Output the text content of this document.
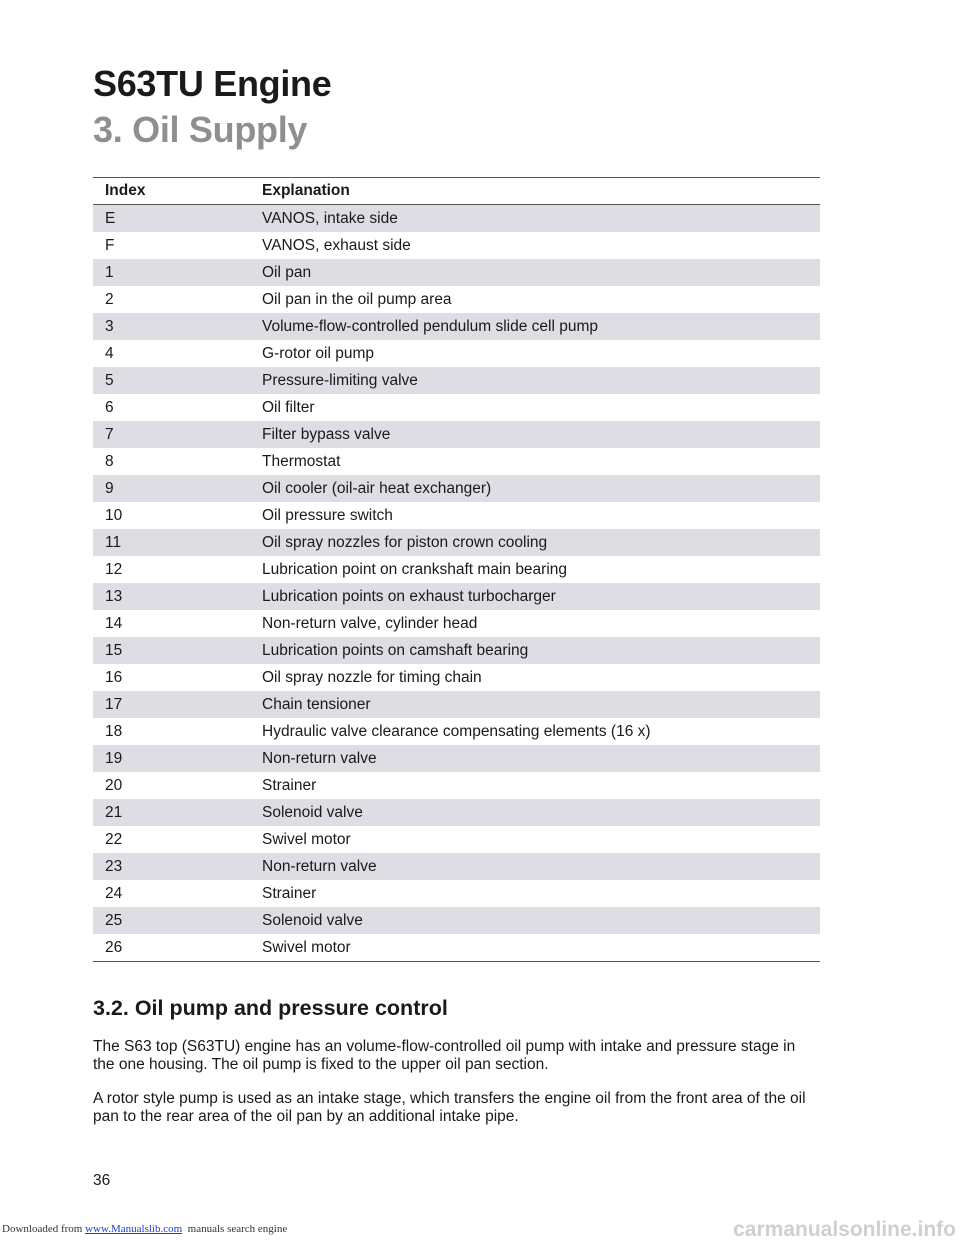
S63TU Engine
3. Oil Supply
Index	Explanation
E	VANOS, intake side
F	VANOS, exhaust side
1	Oil pan
2	Oil pan in the oil pump area
3	Volume-flow-controlled pendulum slide cell pump
4	G-rotor oil pump
5	Pressure-limiting valve
6	Oil filter
7	Filter bypass valve
8	Thermostat
9	Oil cooler (oil-air heat exchanger)
10	Oil pressure switch
11	Oil spray nozzles for piston crown cooling
12	Lubrication point on crankshaft main bearing
13	Lubrication points on exhaust turbocharger
14	Non-return valve, cylinder head
15	Lubrication points on camshaft bearing
16	Oil spray nozzle for timing chain
17	Chain tensioner
18	Hydraulic valve clearance compensating elements (16 x)
19	Non-return valve
20	Strainer
21	Solenoid valve
22	Swivel motor
23	Non-return valve
24	Strainer
25	Solenoid valve
26	Swivel motor
3.2. Oil pump and pressure control

The S63 top (S63TU) engine has an volume-flow-controlled oil pump with intake and pressure stage in the one housing. The oil pump is fixed to the upper oil pan section.

A rotor style pump is used as an intake stage, which transfers the engine oil from the front area of the oil pan to the rear area of the oil pan by an additional intake pipe.

36

Downloaded from www.Manualslib.com manuals search engine	carmanualsonline.info
